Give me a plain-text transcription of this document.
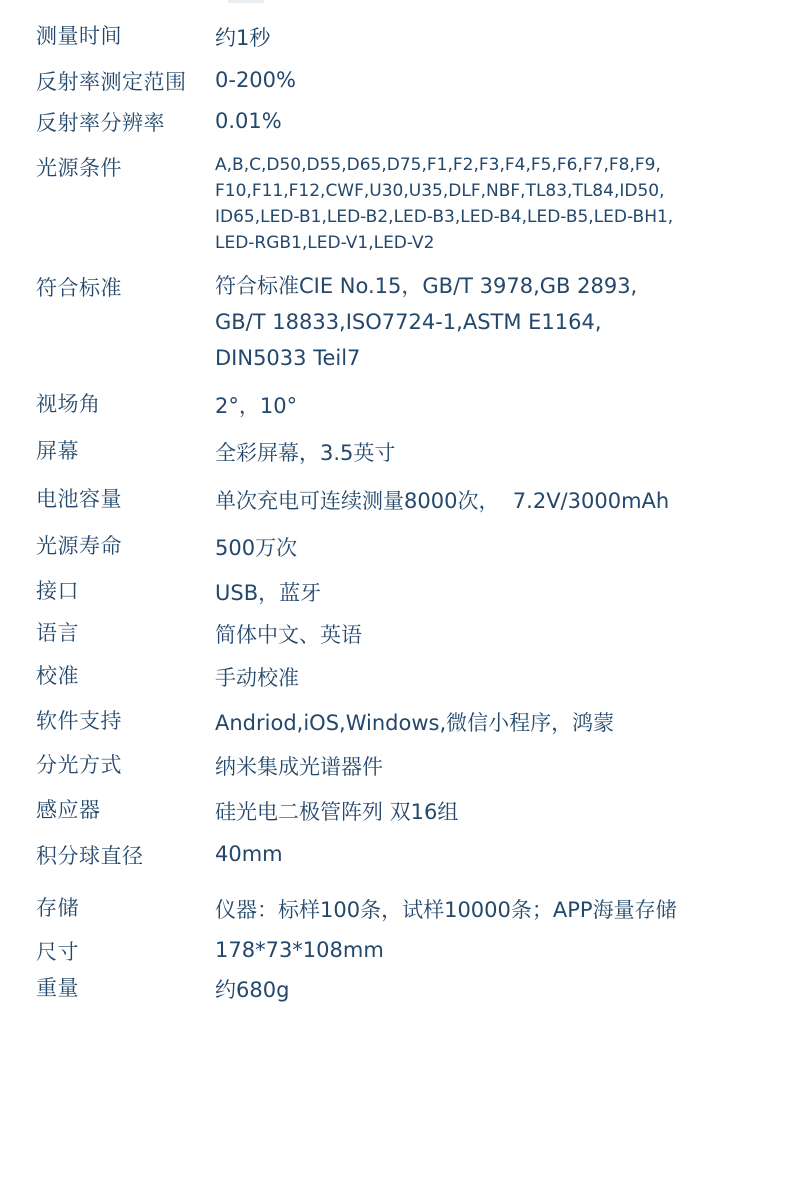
测量时间	约1秒
反射率测定范围 0-200%
反射率分辨率 0.01%
光源条件	A,B,C,D50,D55,D65,D75,F1,F2,F3,F4,F5,F6,F7,F8,F9,
F10,F11,F12,CWF,U30,U35,DLF,NBF,TL83,TL84,ID50,
ID65,LED-B1,LED-B2,LED-B3,LED-B4,LED-B5,LED-BH1,
LED-RGB1,LED-V1,LED-V2
符合标准	符合标准CIE No.15，GB/T 3978,GB 2893,
GB/T 18833,ISO7724-1,ASTM E1164,
DIN5033 Teil7
视场角	2°，10°
屏幕	全彩屏幕，3.5英寸
电池容量	单次充电可连续测量8000次，  7.2V/3000mAh
光源寿命	500万次
接口	USB，蓝牙
语言	简体中文、英语
校准	手动校准
软件支持	Andriod,iOS,Windows,微信小程序，鸿蒙
分光方式	纳米集成光谱器件
感应器	硅光电二极管阵列 双16组
积分球直径	40mm
存储	仪器：标样100条，试样10000条；APP海量存储
尺寸	178*73*108mm
重量	约680g
